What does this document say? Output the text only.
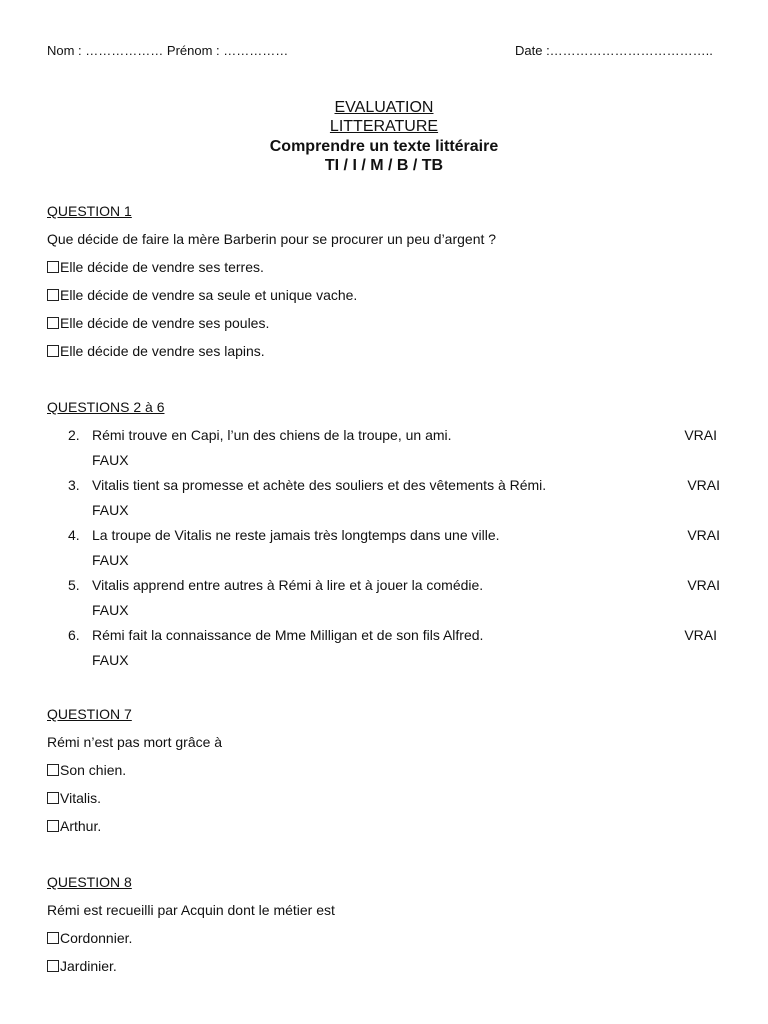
Nom : ……………… Prénom : ……………	Date :………………………………..
EVALUATION
LITTERATURE
Comprendre un texte littéraire
TI / I / M / B / TB
QUESTION 1
Que décide de faire la mère Barberin pour se procurer un peu d’argent ?
Elle décide de vendre ses terres.
Elle décide de vendre sa seule et unique vache.
Elle décide de vendre ses poules.
Elle décide de vendre ses lapins.
QUESTIONS 2 à 6
2. Rémi trouve en Capi, l’un des chiens de la troupe, un ami.	VRAI
FAUX
3. Vitalis tient sa promesse et achète des souliers et des vêtements à Rémi.	VRAI
FAUX
4. La troupe de Vitalis ne reste jamais très longtemps dans une ville.	VRAI
FAUX
5. Vitalis apprend entre autres à Rémi à lire et à jouer la comédie.	VRAI
FAUX
6. Rémi fait la connaissance de Mme Milligan et de son fils Alfred.	VRAI
FAUX
QUESTION 7
Rémi n’est pas mort grâce à
Son chien.
Vitalis.
Arthur.
QUESTION 8
Rémi est recueilli par Acquin dont le métier est
Cordonnier.
Jardinier.
